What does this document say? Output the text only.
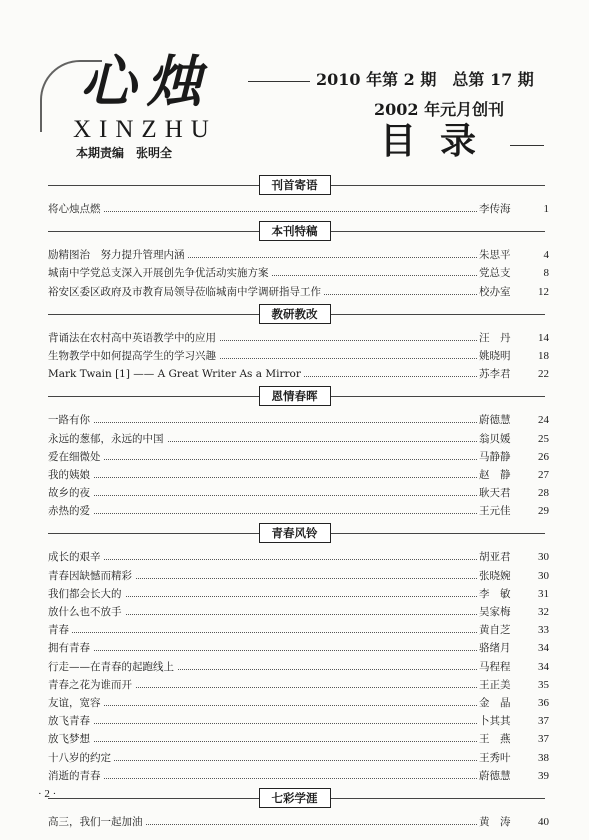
心烛
XINZHU
本期责编　张明全
2010 年第 2 期　总第 17 期
2002 年元月创刊
目录
刊首寄语
将心烛点燃	李传海	1
本刊特稿
励精图治　努力提升管理内涵	朱思平	4
城南中学党总支深入开展创先争优活动实施方案	党总支	8
裕安区委区政府及市教育局领导莅临城南中学调研指导工作	校办室	12
教研教改
背诵法在农村高中英语教学中的应用	汪　丹	14
生物教学中如何提高学生的学习兴趣	姚晓明	18
Mark Twain [1] —— A Great Writer As a Mirror	苏李君	22
恩情春晖
一路有你	蔚德慧	24
永远的葱郁，永远的中国	翁贝媛	25
爱在细微处	马静静	26
我的姨娘	赵　静	27
故乡的夜	耿天君	28
赤热的爱	王元佳	29
青春风铃
成长的艰辛	胡亚君	30
青春因缺憾而精彩	张晓婉	30
我们都会长大的	李　敏	31
放什么也不放手	吴家梅	32
青春	黄自芝	33
拥有青春	骆绪月	34
行走——在青春的起跑线上	马程程	34
青春之花为谁而开	王正美	35
友谊，宽容	金　晶	36
放飞青春	卜其其	37
放飞梦想	王　燕	37
十八岁的约定	王秀叶	38
消逝的青春	蔚德慧	39
七彩学涯
高三，我们一起加油	黄　涛	40
· 2 ·
